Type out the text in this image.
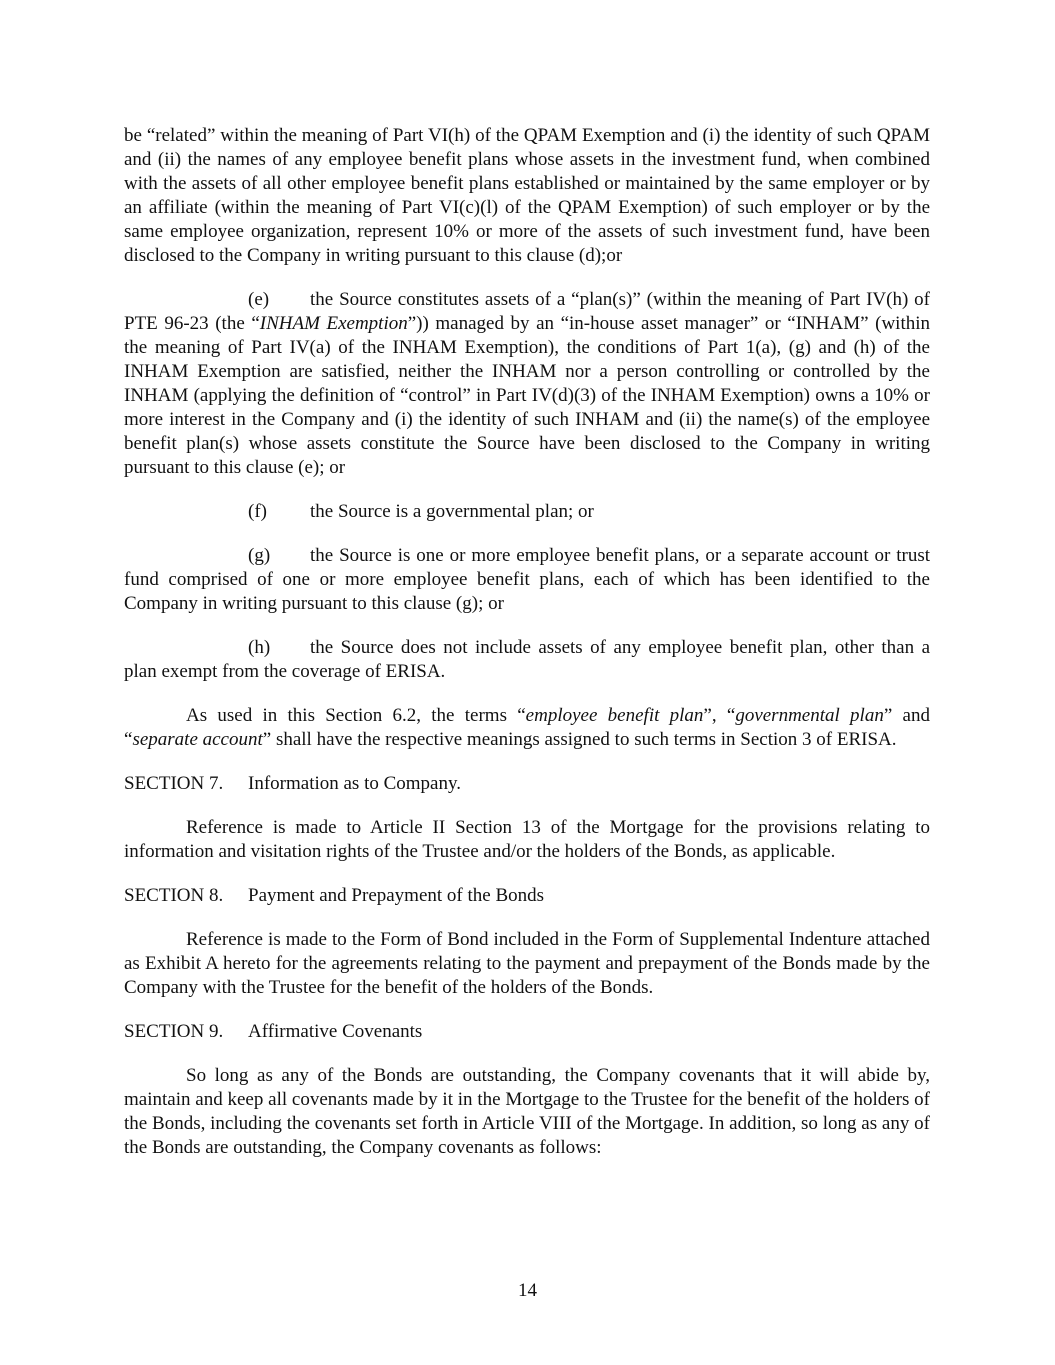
be “related” within the meaning of Part VI(h) of the QPAM Exemption and (i) the identity of such QPAM and (ii) the names of any employee benefit plans whose assets in the investment fund, when combined with the assets of all other employee benefit plans established or maintained by the same employer or by an affiliate (within the meaning of Part VI(c)(l) of the QPAM Exemption) of such employer or by the same employee organization, represent 10% or more of the assets of such investment fund, have been disclosed to the Company in writing pursuant to this clause (d);or

(e) the Source constitutes assets of a “plan(s)” (within the meaning of Part IV(h) of PTE 96-23 (the “INHAM Exemption”)) managed by an “in-house asset manager” or “INHAM” (within the meaning of Part IV(a) of the INHAM Exemption), the conditions of Part 1(a), (g) and (h) of the INHAM Exemption are satisfied, neither the INHAM nor a person controlling or controlled by the INHAM (applying the definition of “control” in Part IV(d)(3) of the INHAM Exemption) owns a 10% or more interest in the Company and (i) the identity of such INHAM and (ii) the name(s) of the employee benefit plan(s) whose assets constitute the Source have been disclosed to the Company in writing pursuant to this clause (e); or

(f) the Source is a governmental plan; or

(g) the Source is one or more employee benefit plans, or a separate account or trust fund comprised of one or more employee benefit plans, each of which has been identified to the Company in writing pursuant to this clause (g); or

(h) the Source does not include assets of any employee benefit plan, other than a plan exempt from the coverage of ERISA.

As used in this Section 6.2, the terms “employee benefit plan”, “governmental plan” and “separate account” shall have the respective meanings assigned to such terms in Section 3 of ERISA.

SECTION 7. Information as to Company.

Reference is made to Article II Section 13 of the Mortgage for the provisions relating to information and visitation rights of the Trustee and/or the holders of the Bonds, as applicable.

SECTION 8. Payment and Prepayment of the Bonds

Reference is made to the Form of Bond included in the Form of Supplemental Indenture attached as Exhibit A hereto for the agreements relating to the payment and prepayment of the Bonds made by the Company with the Trustee for the benefit of the holders of the Bonds.

SECTION 9. Affirmative Covenants

So long as any of the Bonds are outstanding, the Company covenants that it will abide by, maintain and keep all covenants made by it in the Mortgage to the Trustee for the benefit of the holders of the Bonds, including the covenants set forth in Article VIII of the Mortgage. In addition, so long as any of the Bonds are outstanding, the Company covenants as follows:

14
